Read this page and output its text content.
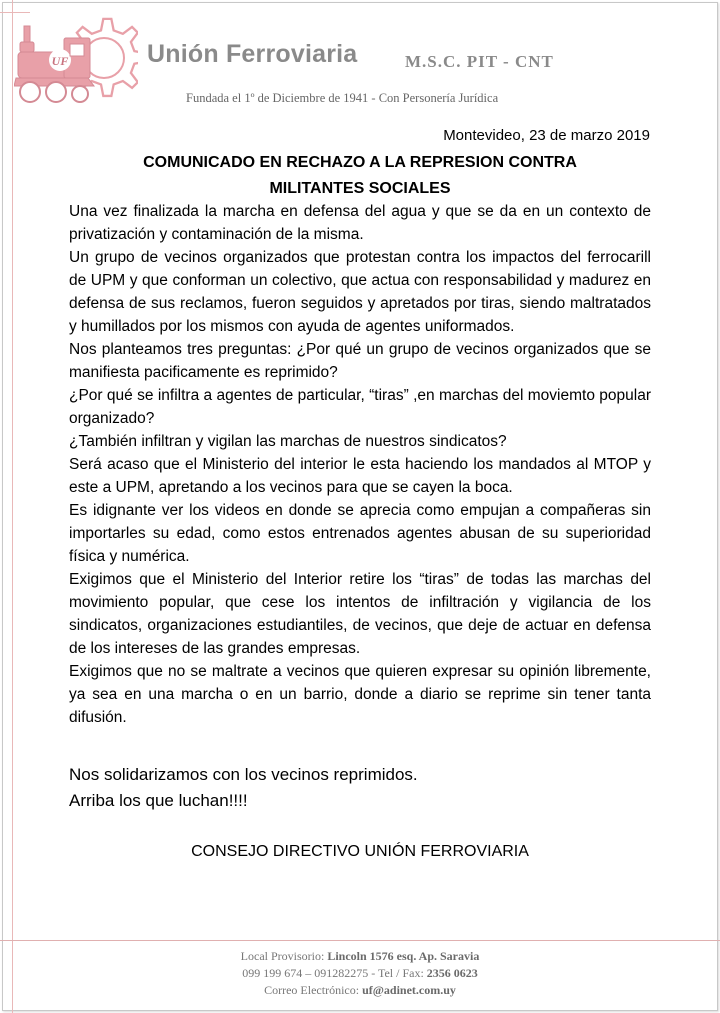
UF	Unión Ferroviaria	M.S.C. PIT - CNT
Fundada el 1º de Diciembre de 1941 - Con Personería Jurídica
Montevideo, 23 de marzo 2019
COMUNICADO EN RECHAZO A LA REPRESION CONTRA
MILITANTES SOCIALES

Una vez finalizada la marcha en defensa del agua y que se da en un contexto de privatización y contaminación de la misma.

Un grupo de vecinos organizados que protestan contra los impactos del ferrocarill de UPM y que conforman un colectivo, que actua con responsabilidad y madurez en defensa de sus reclamos, fueron seguidos y apretados por tiras, siendo maltratados y humillados por los mismos con ayuda de agentes uniformados.

Nos planteamos tres preguntas: ¿Por qué un grupo de vecinos organizados que se manifiesta pacificamente es reprimido?

¿Por qué se infiltra a agentes de particular, “tiras” ,en marchas del moviemto popular organizado?

¿También infiltran y vigilan las marchas de nuestros sindicatos?

Será acaso que el Ministerio del interior le esta haciendo los mandados al MTOP y este a UPM, apretando a los vecinos para que se cayen la boca.

Es idignante ver los videos en donde se aprecia como empujan a compañeras sin importarles su edad, como estos entrenados agentes abusan de su superioridad física y numérica.

Exigimos que el Ministerio del Interior retire los “tiras” de todas las marchas del movimiento popular, que cese los intentos de infiltración y vigilancia de los sindicatos, organizaciones estudiantiles, de vecinos, que deje de actuar en defensa de los intereses de las grandes empresas.

Exigimos que no se maltrate a vecinos que quieren expresar su opinión libremente, ya sea en una marcha o en un barrio, donde a diario se reprime sin tener tanta difusión.

Nos solidarizamos con los vecinos reprimidos.

Arriba los que luchan!!!!

CONSEJO DIRECTIVO UNIÓN FERROVIARIA

Local Provisorio: Lincoln 1576 esq. Ap. Saravia

099 199 674 – 091282275 - Tel / Fax: 2356 0623

Correo Electrónico: uf@adinet.com.uy
